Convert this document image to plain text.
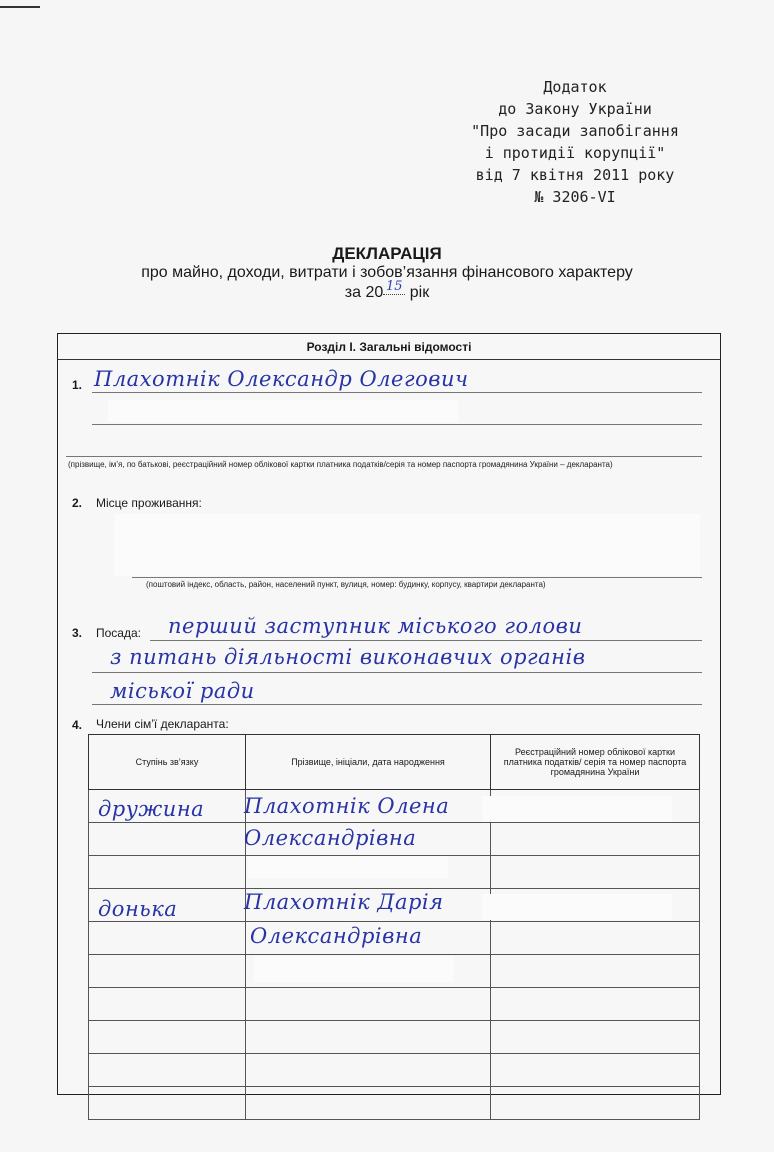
Додаток
до Закону України
"Про засади запобігання
і протидії корупції"
від 7 квітня 2011 року
№ 3206-VI
ДЕКЛАРАЦІЯ
про майно, доходи, витрати і зобов’язання фінансового характеру
за 20 15 рік
Розділ І. Загальні відомості
1. Плахотнік Олександр Олегович
(прізвище, ім’я, по батькові, реєстраційний номер облікової картки платника податків/серія та номер паспорта громадянина України – декларанта)
2. Місце проживання:
(поштовий індекс, область, район, населений пункт, вулиця, номер: будинку, корпусу, квартири декларанта)
3. Посада: перший заступник міського голови
з питань діяльності виконавчих органів
міської ради
4. Члени сім’ї декларанта:
Ступінь зв’язку	Прізвище, ініціали, дата народження	Реєстраційний номер облікової картки платника податків/ серія та номер паспорта громадянина України

дружина Плахотнік Олена
Олександрівна
донька	Плахотнік Дарія
Олександрівна
